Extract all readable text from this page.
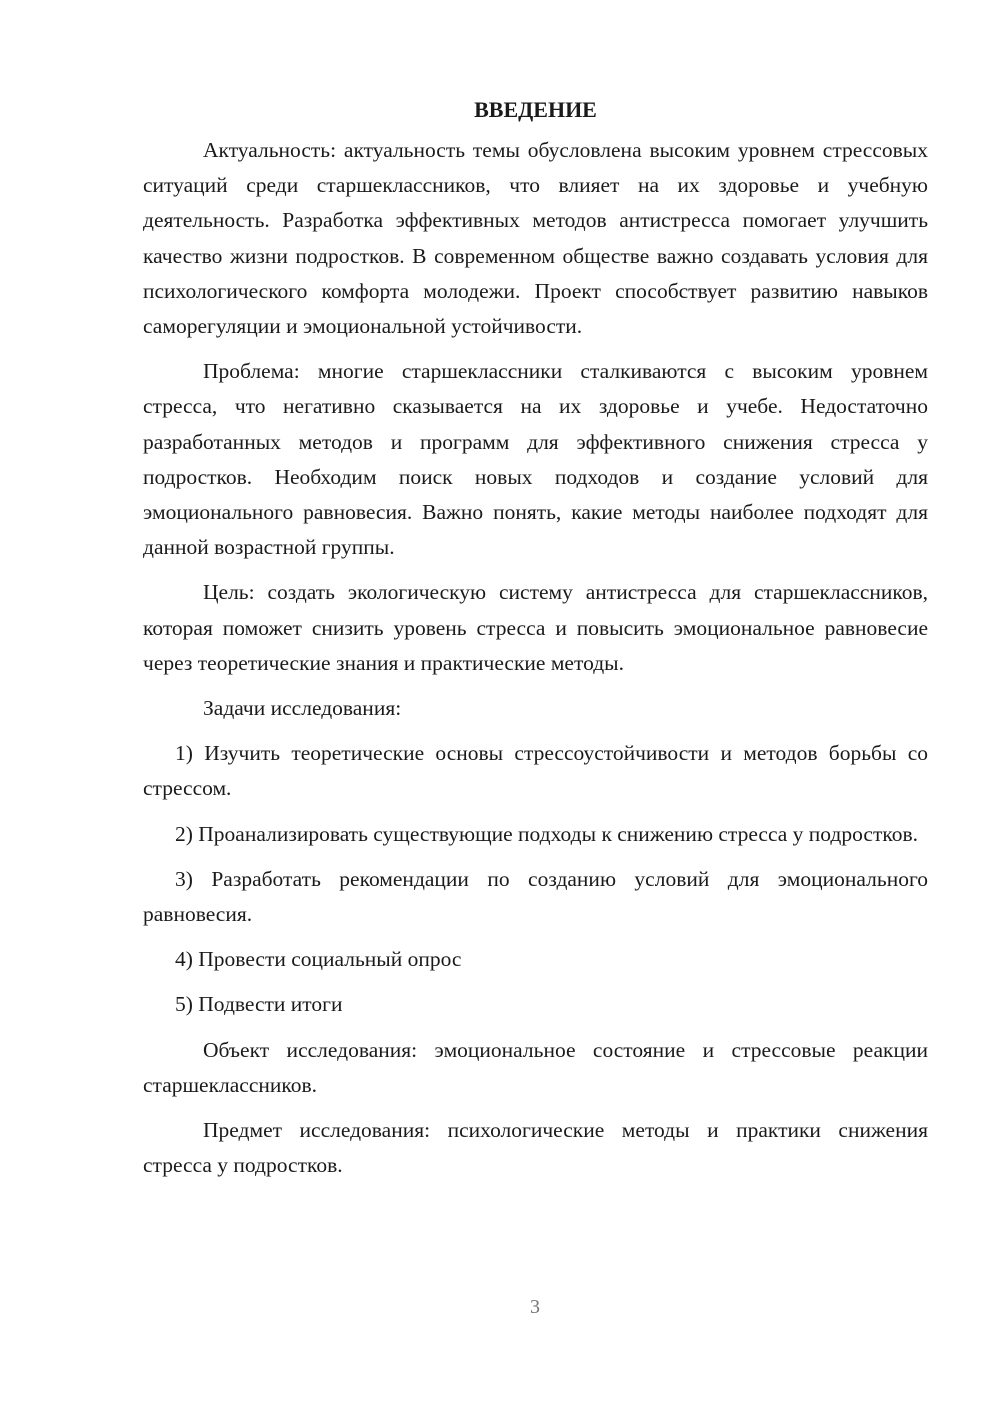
ВВЕДЕНИЕ

Актуальность: актуальность темы обусловлена высоким уровнем стрессовых ситуаций среди старшеклассников, что влияет на их здоровье и учебную деятельность. Разработка эффективных методов антистресса помогает улучшить качество жизни подростков. В современном обществе важно создавать условия для психологического комфорта молодежи. Проект способствует развитию навыков саморегуляции и эмоциональной устойчивости.

Проблема: многие старшеклассники сталкиваются с высоким уровнем стресса, что негативно сказывается на их здоровье и учебе. Недостаточно разработанных методов и программ для эффективного снижения стресса у подростков. Необходим поиск новых подходов и создание условий для эмоционального равновесия. Важно понять, какие методы наиболее подходят для данной возрастной группы.

Цель: создать экологическую систему антистресса для старшеклассников, которая поможет снизить уровень стресса и повысить эмоциональное равновесие через теоретические знания и практические методы.

Задачи исследования:

1) Изучить теоретические основы стрессоустойчивости и методов борьбы со стрессом.

2) Проанализировать существующие подходы к снижению стресса у подростков.

3) Разработать рекомендации по созданию условий для эмоционального равновесия.

4) Провести социальный опрос

5) Подвести итоги

Объект исследования: эмоциональное состояние и стрессовые реакции старшеклассников.

Предмет исследования: психологические методы и практики снижения стресса у подростков.

3
